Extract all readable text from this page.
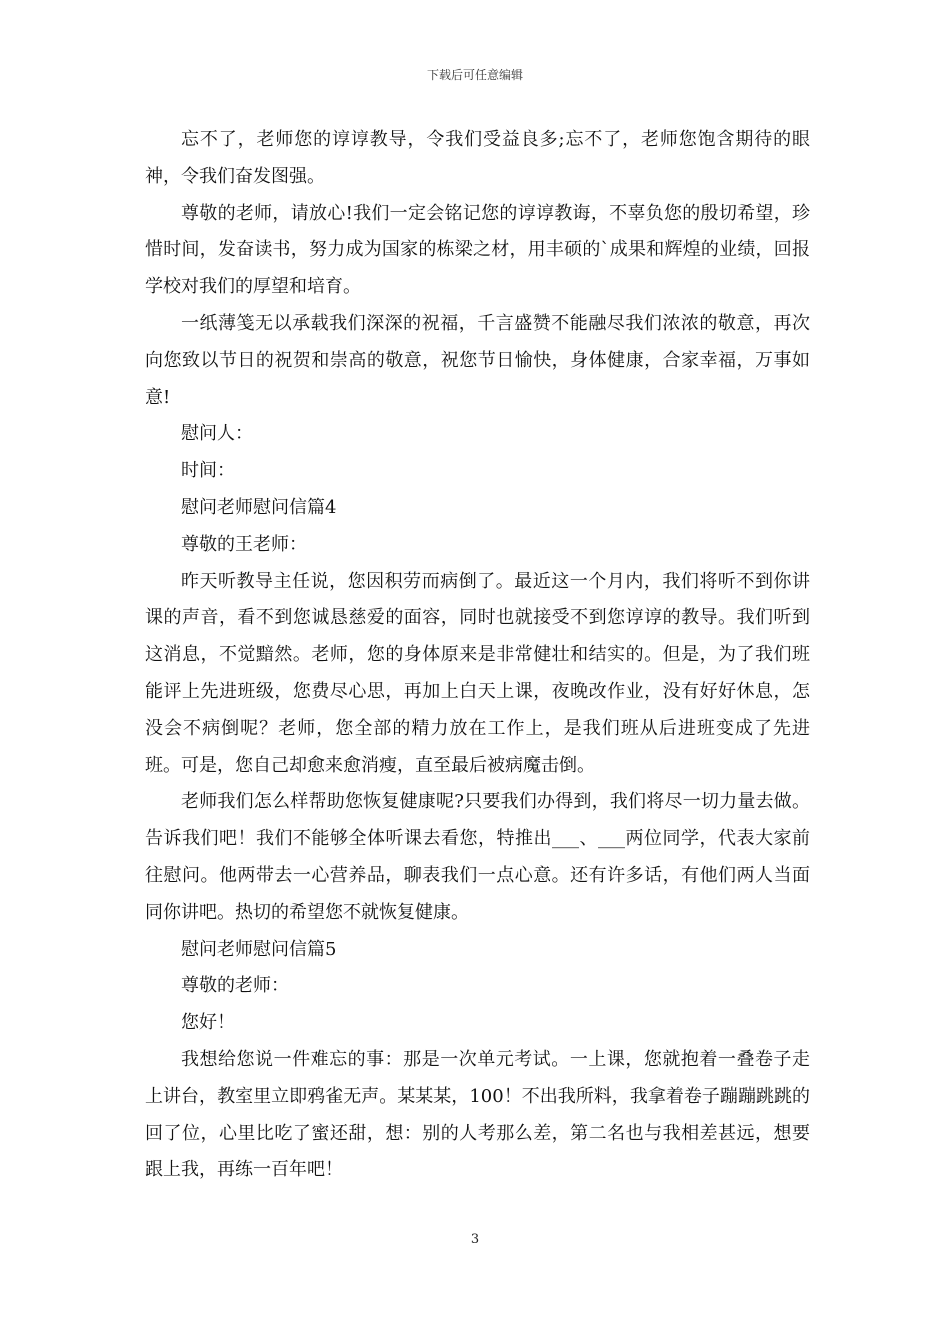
下载后可任意编辑

忘不了，老师您的谆谆教导，令我们受益良多;忘不了，老师您饱含期待的眼神，令我们奋发图强。

尊敬的老师，请放心!我们一定会铭记您的谆谆教诲，不辜负您的殷切希望，珍惜时间，发奋读书，努力成为国家的栋梁之材，用丰硕的`成果和辉煌的业绩，回报学校对我们的厚望和培育。

一纸薄笺无以承载我们深深的祝福，千言盛赞不能融尽我们浓浓的敬意，再次向您致以节日的祝贺和崇高的敬意，祝您节日愉快，身体健康，合家幸福，万事如意!

慰问人：

时间：

慰问老师慰问信篇4

尊敬的王老师：

昨天听教导主任说，您因积劳而病倒了。最近这一个月内，我们将听不到你讲课的声音，看不到您诚恳慈爱的面容，同时也就接受不到您谆谆的教导。我们听到这消息，不觉黯然。老师，您的身体原来是非常健壮和结实的。但是，为了我们班能评上先进班级，您费尽心思，再加上白天上课，夜晚改作业，没有好好休息，怎没会不病倒呢？老师，您全部的精力放在工作上，是我们班从后进班变成了先进班。可是，您自己却愈来愈消瘦，直至最后被病魔击倒。

老师我们怎么样帮助您恢复健康呢?只要我们办得到，我们将尽一切力量去做。告诉我们吧！我们不能够全体听课去看您，特推出___、___两位同学，代表大家前往慰问。他两带去一心营养品，聊表我们一点心意。还有许多话，有他们两人当面同你讲吧。热切的希望您不就恢复健康。

慰问老师慰问信篇5

尊敬的老师：

您好！

我想给您说一件难忘的事：那是一次单元考试。一上课，您就抱着一叠卷子走上讲台，教室里立即鸦雀无声。某某某，100！不出我所料，我拿着卷子蹦蹦跳跳的回了位，心里比吃了蜜还甜，想：别的人考那么差，第二名也与我相差甚远，想要跟上我，再练一百年吧！

3
